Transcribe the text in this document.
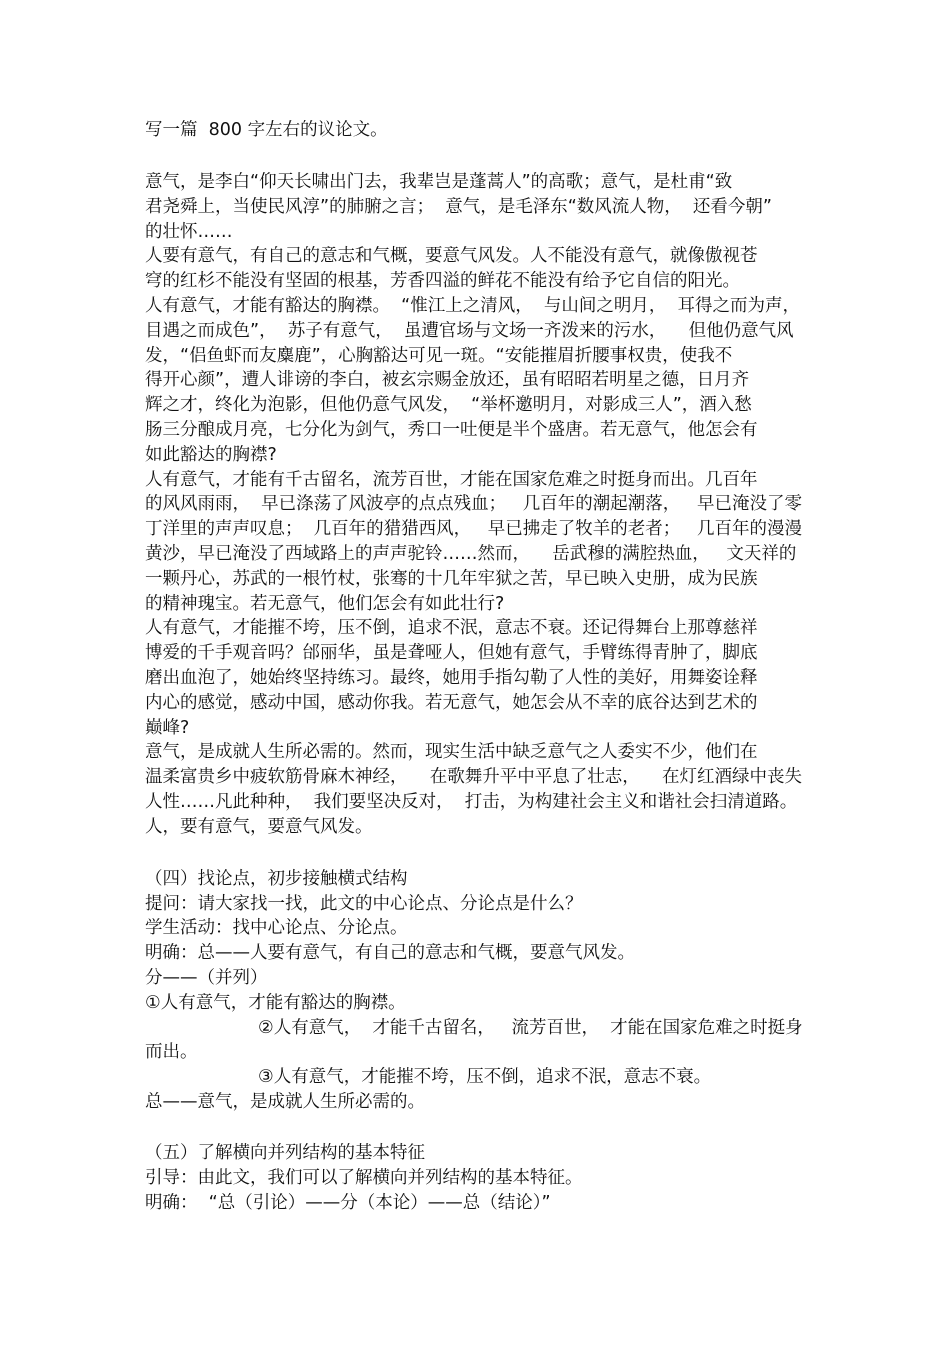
写一篇  800 字左右的议论文。
意气，是李白“仰天长啸出门去，我辈岂是蓬蒿人”的高歌；意气，是杜甫“致
君尧舜上，当使民风淳”的肺腑之言；  意气，是毛泽东“数风流人物，  还看今朝”
的壮怀……
人要有意气，有自己的意志和气概，要意气风发。人不能没有意气，就像傲视苍
穹的红杉不能没有坚固的根基，芳香四溢的鲜花不能没有给予它自信的阳光。
人有意气，才能有豁达的胸襟。  “惟江上之清风，  与山间之明月，  耳得之而为声，
目遇之而成色”，  苏子有意气，  虽遭官场与文场一齐泼来的污水，    但他仍意气风
发，“侣鱼虾而友麋鹿”，心胸豁达可见一斑。“安能摧眉折腰事权贵，使我不
得开心颜”，遭人诽谤的李白，被玄宗赐金放还，虽有昭昭若明星之德，日月齐
辉之才，终化为泡影，但他仍意气风发，  “举杯邀明月，对影成三人”，酒入愁
肠三分酿成月亮，七分化为剑气，秀口一吐便是半个盛唐。若无意气，他怎会有
如此豁达的胸襟?
人有意气，才能有千古留名，流芳百世，才能在国家危难之时挺身而出。几百年
的风风雨雨，  早已涤荡了风波亭的点点残血；   几百年的潮起潮落，   早已淹没了零
丁洋里的声声叹息；  几百年的猎猎西风，   早已拂走了牧羊的老者；   几百年的漫漫
黄沙，早已淹没了西域路上的声声驼铃……然而，    岳武穆的满腔热血，   文天祥的
一颗丹心，苏武的一根竹杖，张骞的十几年牢狱之苦，早已映入史册，成为民族
的精神瑰宝。若无意气，他们怎会有如此壮行?
人有意气，才能摧不垮，压不倒，追求不泯，意志不衰。还记得舞台上那尊慈祥
博爱的千手观音吗？邰丽华，虽是聋哑人，但她有意气，手臂练得青肿了，脚底
磨出血泡了，她始终坚持练习。最终，她用手指勾勒了人性的美好，用舞姿诠释
内心的感觉，感动中国，感动你我。若无意气，她怎会从不幸的底谷达到艺术的
巅峰?
意气，是成就人生所必需的。然而，现实生活中缺乏意气之人委实不少，他们在
温柔富贵乡中疲软筋骨麻木神经，    在歌舞升平中平息了壮志，    在灯红酒绿中丧失
人性……凡此种种，  我们要坚决反对，  打击，为构建社会主义和谐社会扫清道路。
人，要有意气，要意气风发。
（四）找论点，初步接触横式结构
提问：请大家找一找，此文的中心论点、分论点是什么？
学生活动：找中心论点、分论点。
明确：总——人要有意气，有自己的意志和气概，要意气风发。
分——（并列）
①人有意气，才能有豁达的胸襟。
②人有意气，  才能千古留名，   流芳百世，  才能在国家危难之时挺身
而出。
③人有意气，才能摧不垮，压不倒，追求不泯，意志不衰。
总——意气，是成就人生所必需的。
（五）了解横向并列结构的基本特征
引导：由此文，我们可以了解横向并列结构的基本特征。
明确：  “总（引论）——分（本论）——总（结论）”
